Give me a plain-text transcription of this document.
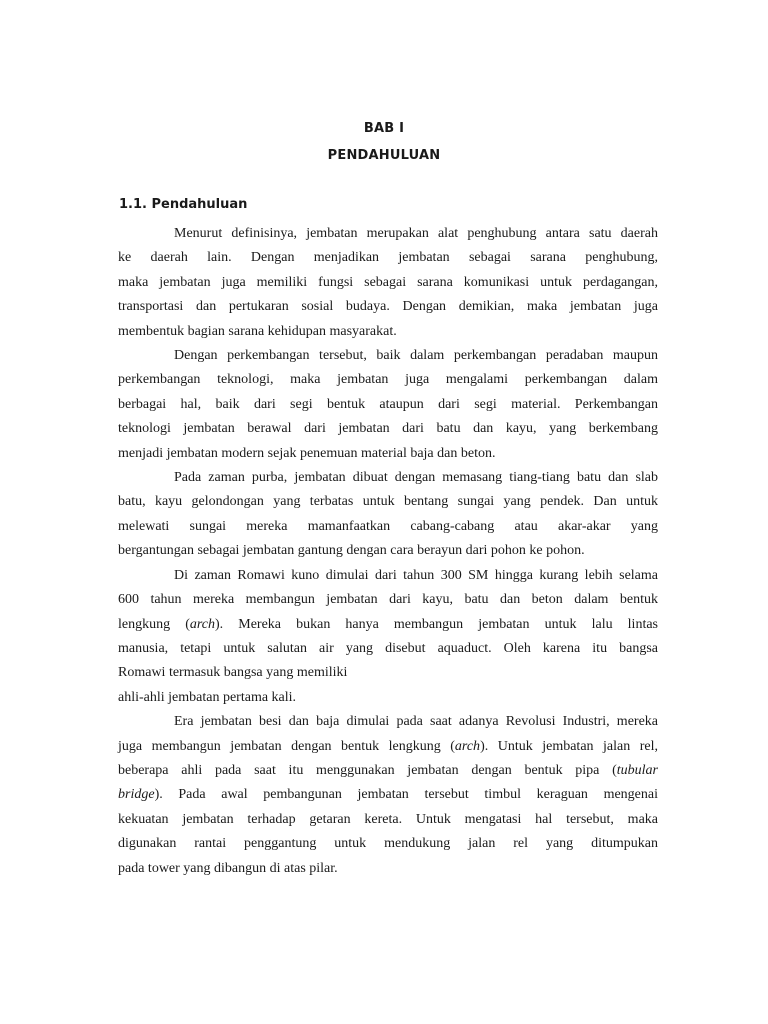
BAB I
PENDAHULUAN
1.1. Pendahuluan

Menurut definisinya, jembatan merupakan alat penghubung antara satu daerah
ke daerah lain. Dengan menjadikan jembatan sebagai sarana penghubung,
maka jembatan juga memiliki fungsi sebagai sarana komunikasi untuk perdagangan,
transportasi dan pertukaran sosial budaya. Dengan demikian, maka jembatan juga
membentuk bagian sarana kehidupan masyarakat.

Dengan perkembangan tersebut, baik dalam perkembangan peradaban maupun
perkembangan teknologi, maka jembatan juga mengalami perkembangan dalam
berbagai hal, baik dari segi bentuk ataupun dari segi material. Perkembangan
teknologi jembatan berawal dari jembatan dari batu dan kayu, yang berkembang
menjadi jembatan modern sejak penemuan material baja dan beton.

Pada zaman purba, jembatan dibuat dengan memasang tiang-tiang batu dan slab
batu, kayu gelondongan yang terbatas untuk bentang sungai yang pendek. Dan untuk
melewati sungai mereka mamanfaatkan cabang-cabang atau akar-akar yang
bergantungan sebagai jembatan gantung dengan cara berayun dari pohon ke pohon.

Di zaman Romawi kuno dimulai dari tahun 300 SM hingga kurang lebih selama
600 tahun mereka membangun jembatan dari kayu, batu dan beton dalam bentuk
lengkung (arch). Mereka bukan hanya membangun jembatan untuk lalu lintas
manusia, tetapi untuk salutan air yang disebut aquaduct. Oleh karena itu bangsa
Romawi termasuk bangsa yang memiliki
ahli-ahli jembatan pertama kali.

Era jembatan besi dan baja dimulai pada saat adanya Revolusi Industri, mereka
juga membangun jembatan dengan bentuk lengkung (arch). Untuk jembatan jalan rel,
beberapa ahli pada saat itu menggunakan jembatan dengan bentuk pipa (tubular
bridge). Pada awal pembangunan jembatan tersebut timbul keraguan mengenai
kekuatan jembatan terhadap getaran kereta. Untuk mengatasi hal tersebut, maka
digunakan rantai penggantung untuk mendukung jalan rel yang ditumpukan
pada tower yang dibangun di atas pilar.
